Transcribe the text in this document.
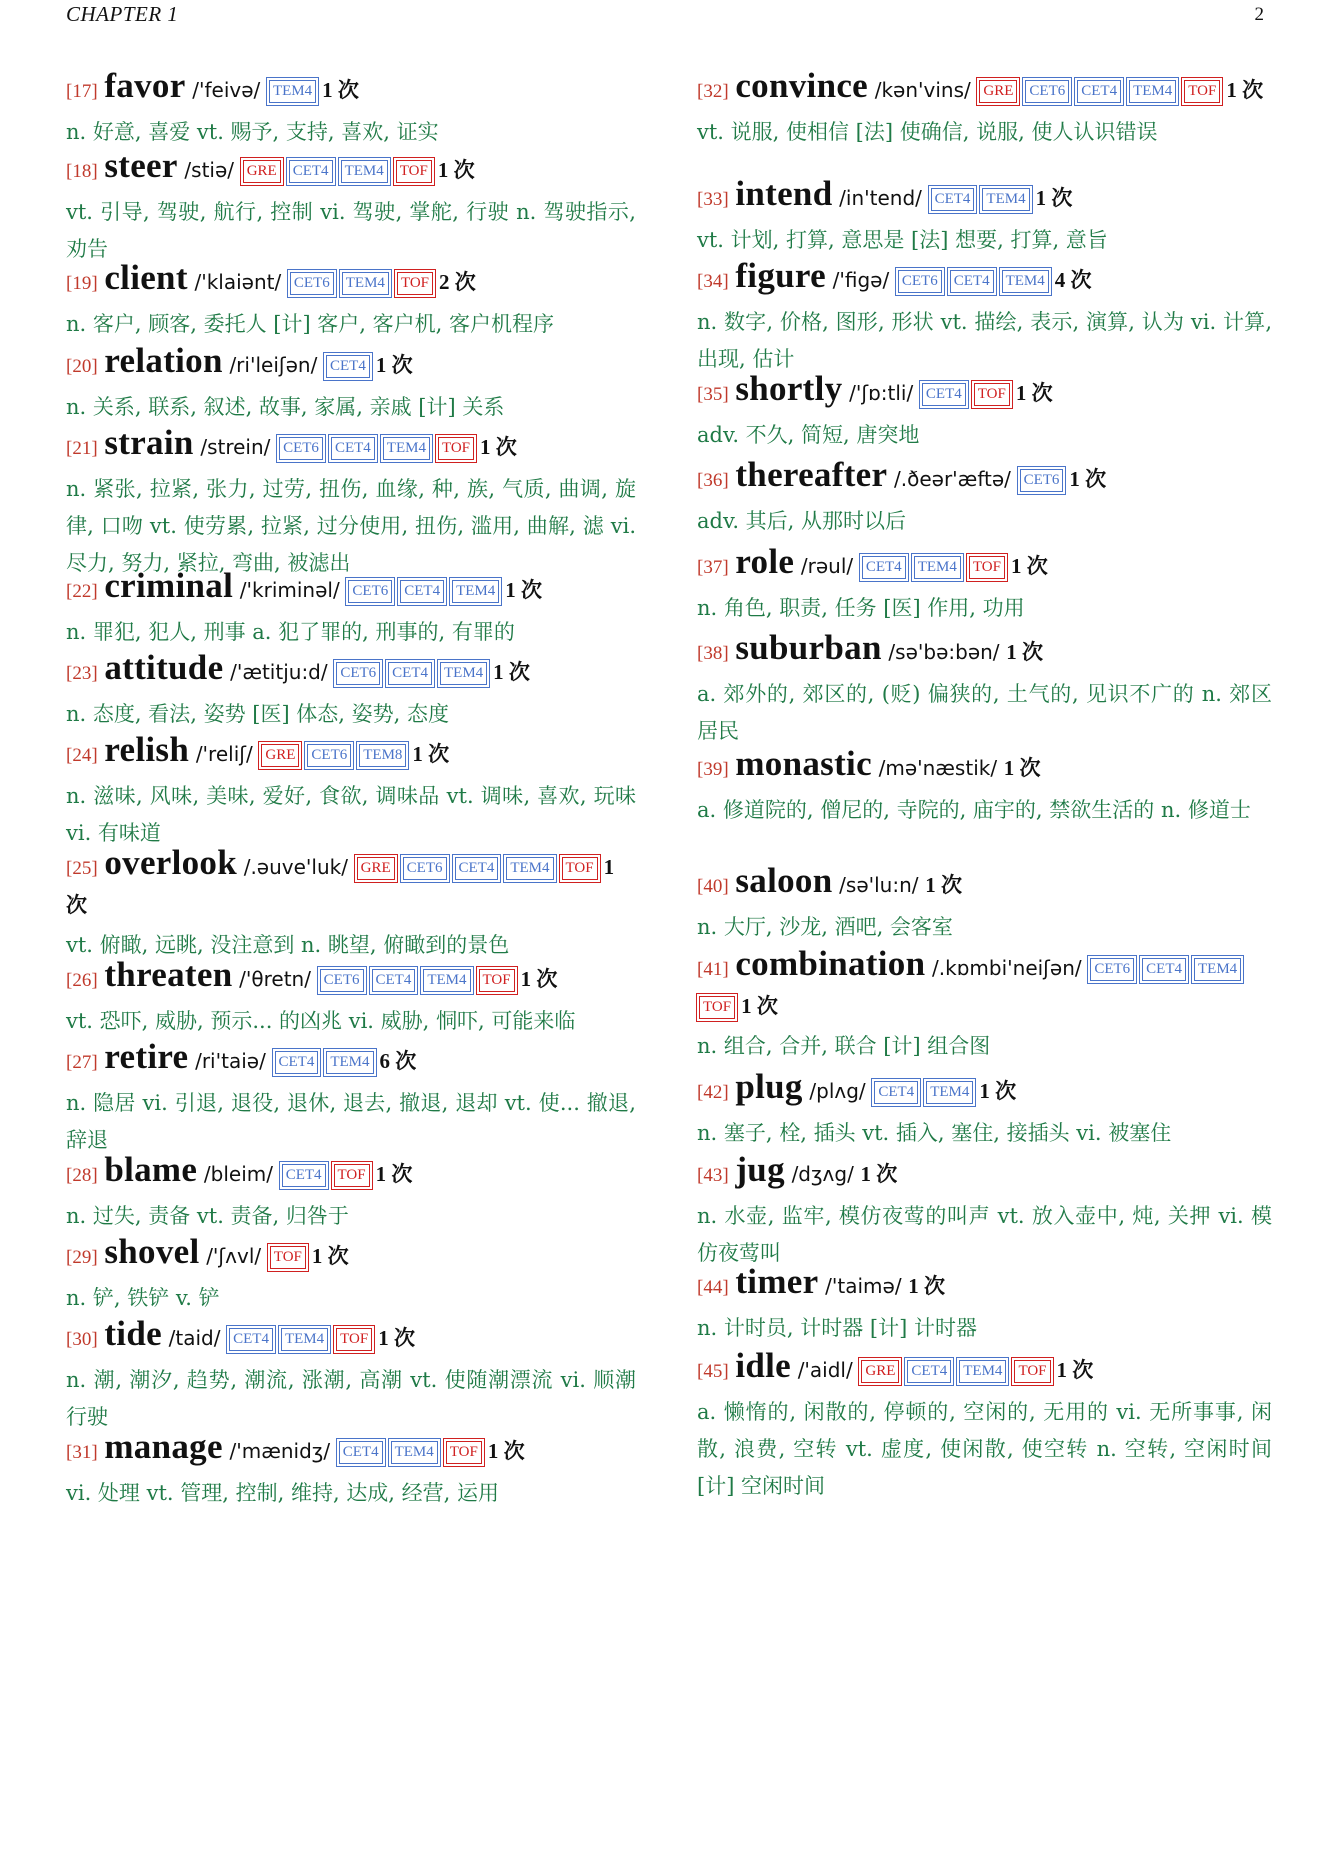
CHAPTER 1	2
[17] favor /'feivə/ TEM4 1 次
n. 好意, 喜爱 vt. 赐予, 支持, 喜欢, 证实
[18] steer /stiə/ GRE CET4 TEM4 TOF 1 次
vt. 引导, 驾驶, 航行, 控制 vi. 驾驶, 掌舵, 行驶 n. 驾驶指示, 劝告
[19] client /'klaiənt/ CET6 TEM4 TOF 2 次
n. 客户, 顾客, 委托人 [计] 客户, 客户机, 客户机程序
[20] relation /ri'leiʃən/ CET4 1 次
n. 关系, 联系, 叙述, 故事, 家属, 亲戚 [计] 关系
[21] strain /strein/ CET6 CET4 TEM4 TOF 1 次
n. 紧张, 拉紧, 张力, 过劳, 扭伤, 血缘, 种, 族, 气质, 曲调, 旋律, 口吻 vt. 使劳累, 拉紧, 过分使用, 扭伤, 滥用, 曲解, 滤 vi. 尽力, 努力, 紧拉, 弯曲, 被滤出
[22] criminal /'kriminəl/ CET6 CET4 TEM4 1 次
n. 罪犯, 犯人, 刑事 a. 犯了罪的, 刑事的, 有罪的
[23] attitude /'ætitju:d/ CET6 CET4 TEM4 1 次
n. 态度, 看法, 姿势 [医] 体态, 姿势, 态度
[24] relish /'reliʃ/ GRE CET6 TEM8 1 次
n. 滋味, 风味, 美味, 爱好, 食欲, 调味品 vt. 调味, 喜欢, 玩味 vi. 有味道
[25] overlook /.əuve'luk/ GRE CET6 CET4 TEM4 TOF 1 次
vt. 俯瞰, 远眺, 没注意到 n. 眺望, 俯瞰到的景色
[26] threaten /'θretn/ CET6 CET4 TEM4 TOF 1 次
vt. 恐吓, 威胁, 预示... 的凶兆 vi. 威胁, 恫吓, 可能来临
[27] retire /ri'taiə/ CET4 TEM4 6 次
n. 隐居 vi. 引退, 退役, 退休, 退去, 撤退, 退却 vt. 使... 撤退, 辞退
[28] blame /bleim/ CET4 TOF 1 次
n. 过失, 责备 vt. 责备, 归咎于
[29] shovel /'ʃʌvl/ TOF 1 次
n. 铲, 铁铲 v. 铲
[30] tide /taid/ CET4 TEM4 TOF 1 次
n. 潮, 潮汐, 趋势, 潮流, 涨潮, 高潮 vt. 使随潮漂流 vi. 顺潮行驶
[31] manage /'mænidʒ/ CET4 TEM4 TOF 1 次
vi. 处理 vt. 管理, 控制, 维持, 达成, 经营, 运用
[32] convince /kən'vins/ GRE CET6 CET4 TEM4 TOF 1 次
vt. 说服, 使相信 [法] 使确信, 说服, 使人认识错误
[33] intend /in'tend/ CET4 TEM4 1 次
vt. 计划, 打算, 意思是 [法] 想要, 打算, 意旨
[34] figure /'figə/ CET6 CET4 TEM4 4 次
n. 数字, 价格, 图形, 形状 vt. 描绘, 表示, 演算, 认为 vi. 计算, 出现, 估计
[35] shortly /'ʃɒ:tli/ CET4 TOF 1 次
adv. 不久, 简短, 唐突地
[36] thereafter /.ðeər'æftə/ CET6 1 次
adv. 其后, 从那时以后
[37] role /rəul/ CET4 TEM4 TOF 1 次
n. 角色, 职责, 任务 [医] 作用, 功用
[38] suburban /sə'bə:bən/ 1 次
a. 郊外的, 郊区的, (贬) 偏狭的, 土气的, 见识不广的 n. 郊区居民
[39] monastic /mə'næstik/ 1 次
a. 修道院的, 僧尼的, 寺院的, 庙宇的, 禁欲生活的 n. 修道士
[40] saloon /sə'lu:n/ 1 次
n. 大厅, 沙龙, 酒吧, 会客室
[41] combination /.kɒmbi'neiʃən/ CET6 CET4 TEM4TOF 1 次
n. 组合, 合并, 联合 [计] 组合图
[42] plug /plʌg/ CET4 TEM4 1 次
n. 塞子, 栓, 插头 vt. 插入, 塞住, 接插头 vi. 被塞住
[43] jug /dʒʌg/ 1 次
n. 水壶, 监牢, 模仿夜莺的叫声 vt. 放入壶中, 炖, 关押 vi. 模仿夜莺叫
[44] timer /'taimə/ 1 次
n. 计时员, 计时器 [计] 计时器
[45] idle /'aidl/ GRE CET4 TEM4 TOF 1 次
a. 懒惰的, 闲散的, 停顿的, 空闲的, 无用的 vi. 无所事事, 闲散, 浪费, 空转 vt. 虚度, 使闲散, 使空转 n. 空转, 空闲时间 [计] 空闲时间
